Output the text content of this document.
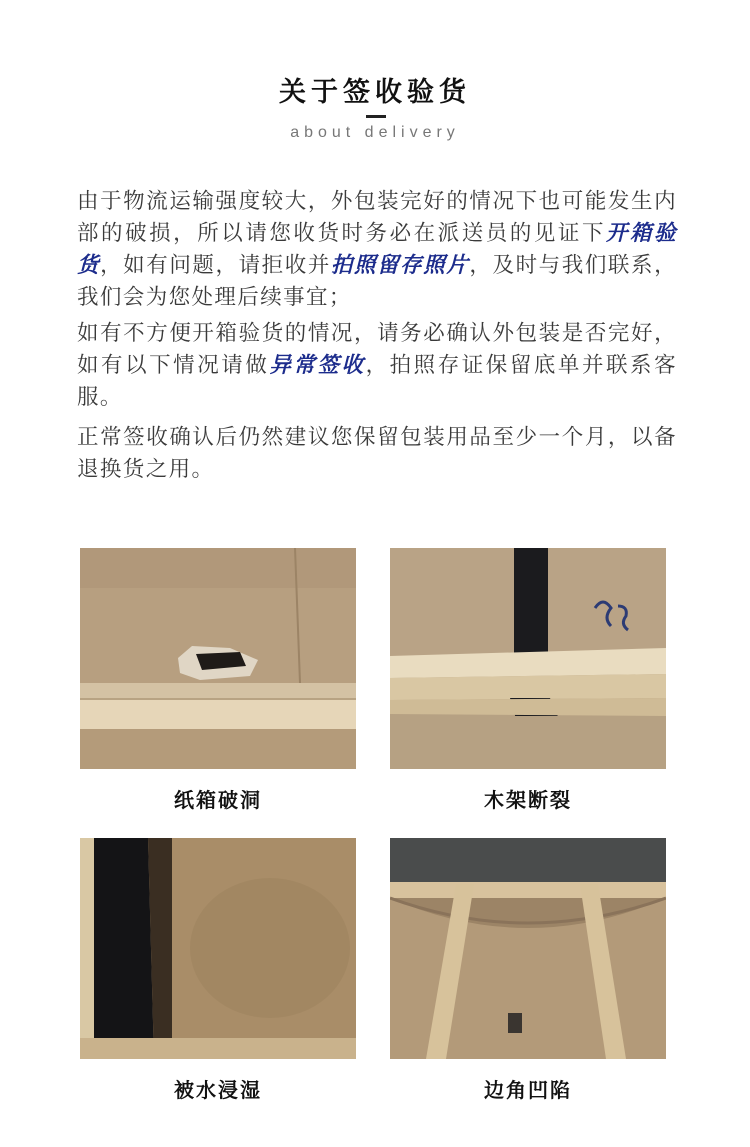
关于签收验货
about delivery

由于物流运输强度较大，外包装完好的情况下也可能发生内部的破损，所以请您收货时务必在派送员的见证下开箱验货，如有问题，请拒收并拍照留存照片，及时与我们联系，我们会为您处理后续事宜；

如有不方便开箱验货的情况，请务必确认外包装是否完好，如有以下情况请做异常签收，拍照存证保留底单并联系客服。

正常签收确认后仍然建议您保留包装用品至少一个月，以备退换货之用。

纸箱破洞	木架断裂
被水浸湿	边角凹陷
